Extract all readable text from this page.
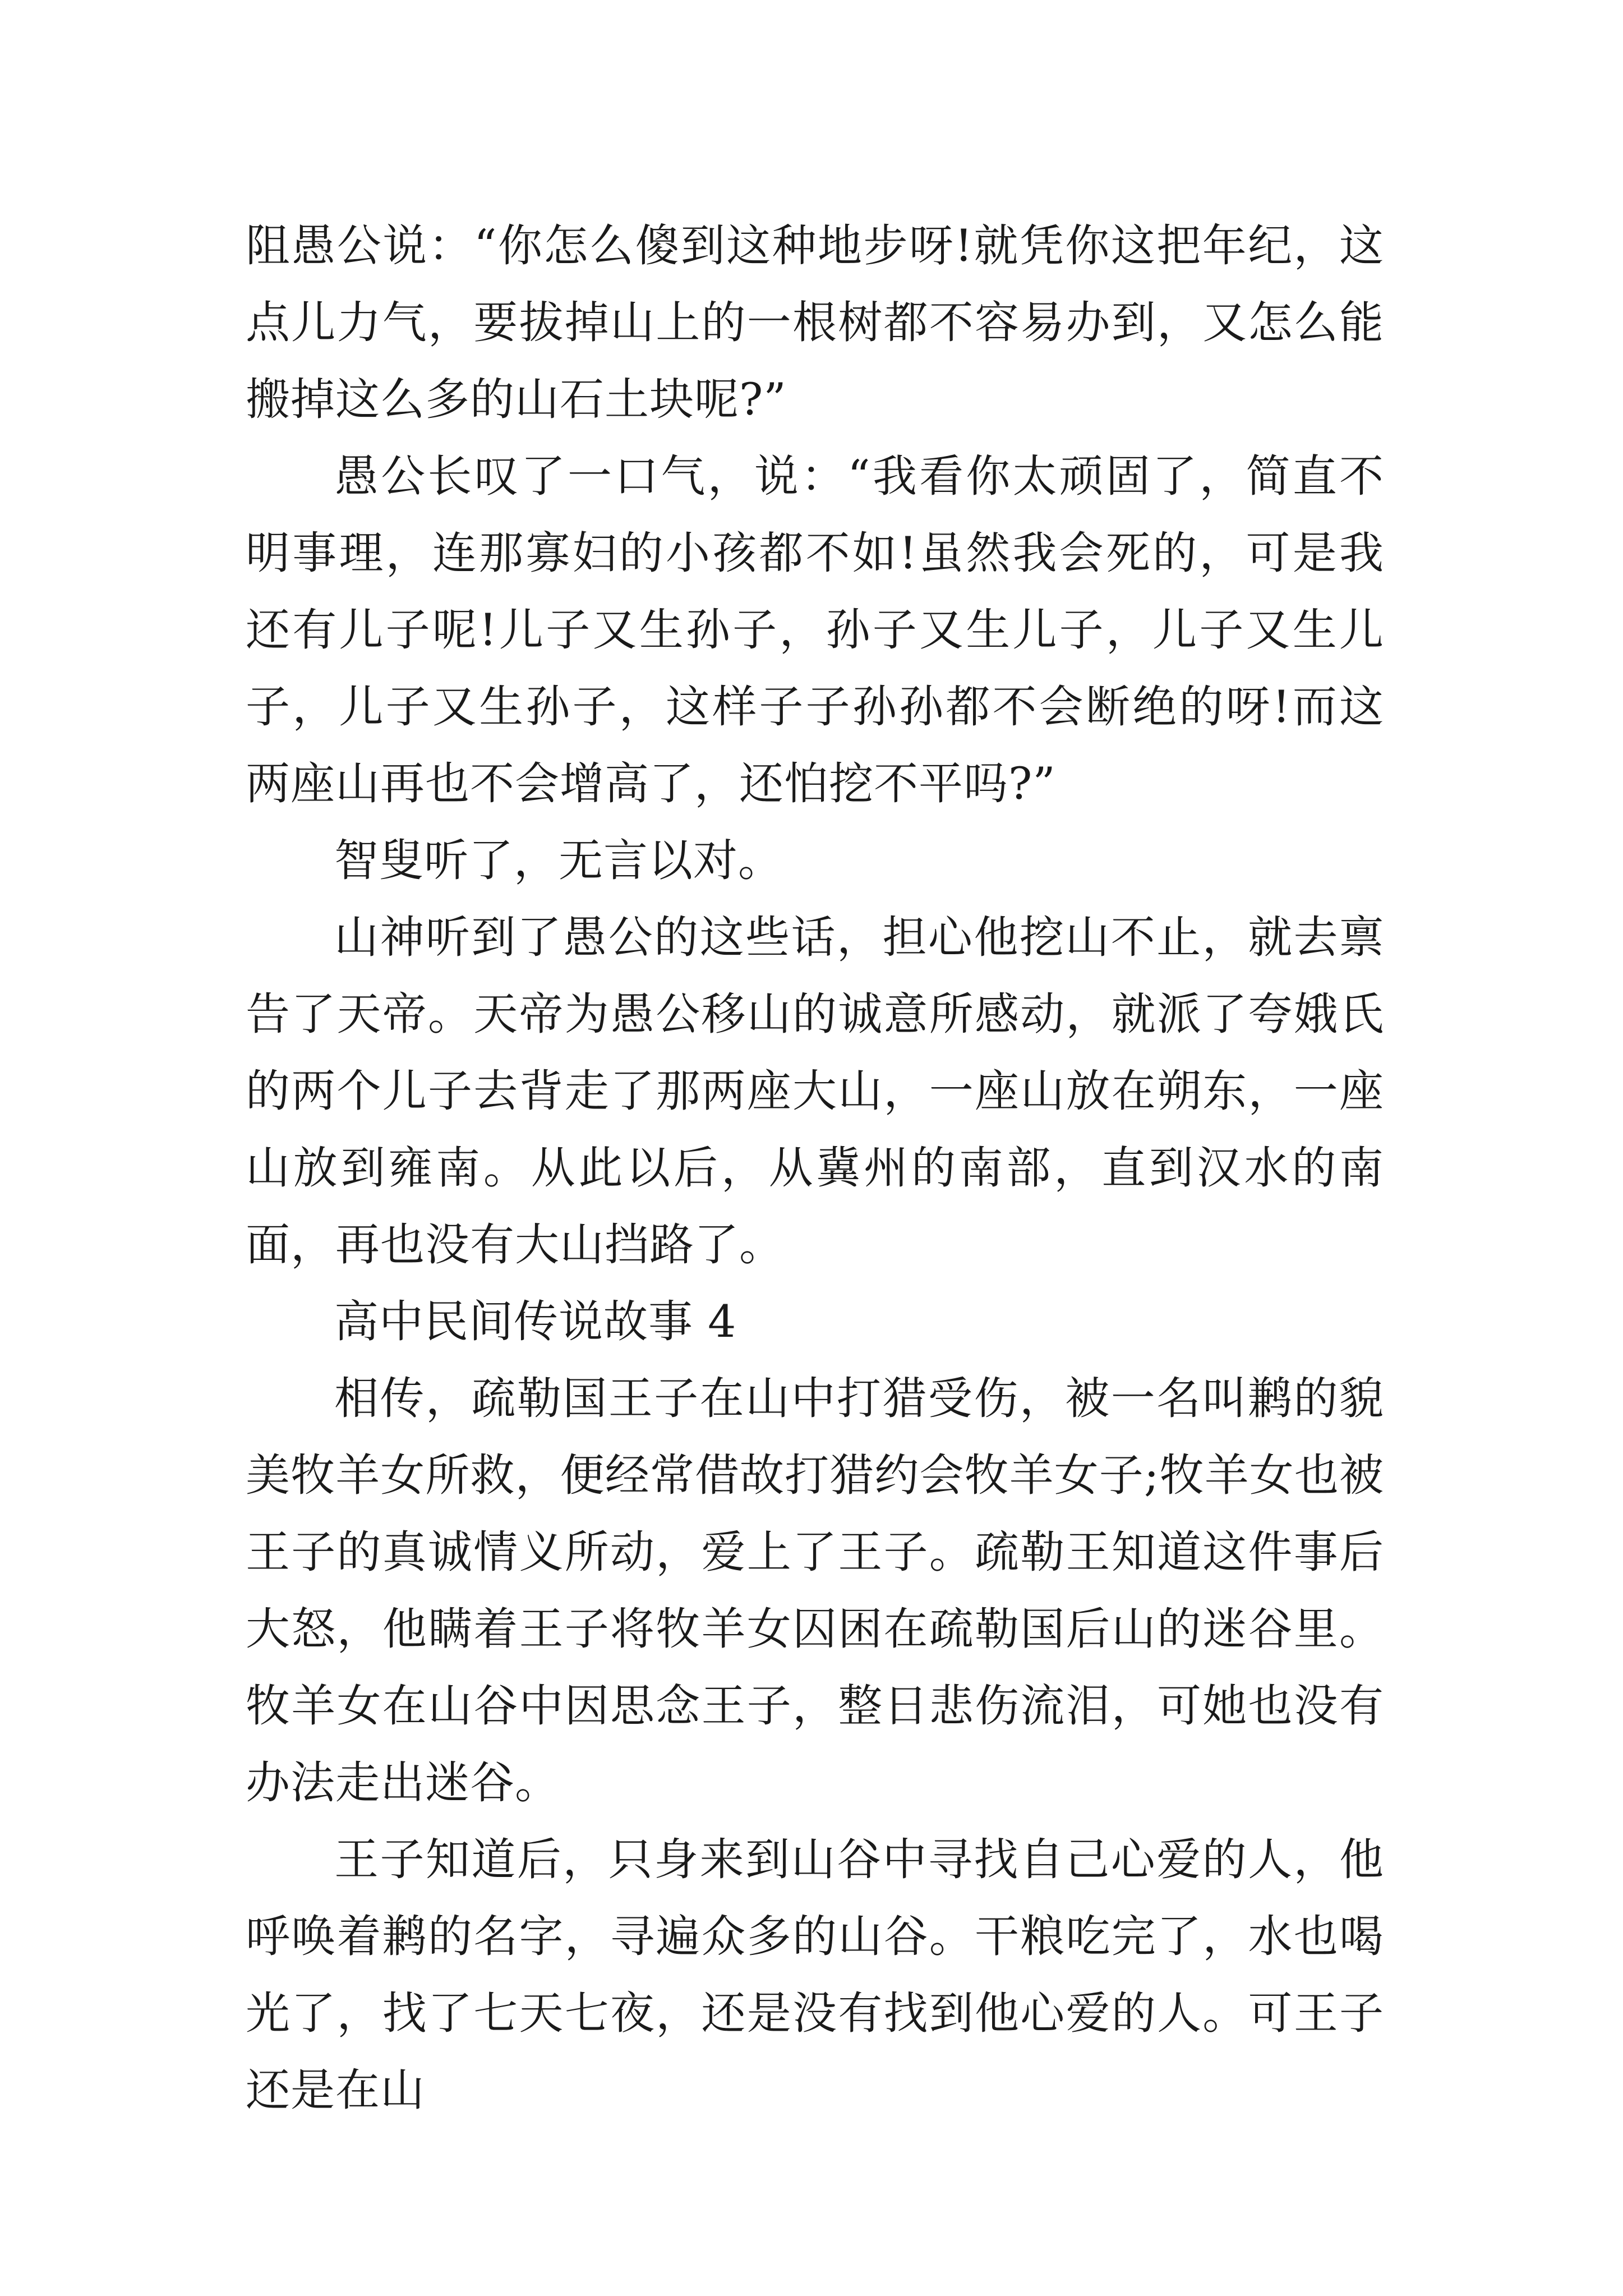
阻愚公说：“你怎么傻到这种地步呀!就凭你这把年纪，这点儿力气，要拔掉山上的一根树都不容易办到，又怎么能搬掉这么多的山石土块呢?”

愚公长叹了一口气，说：“我看你太顽固了，简直不明事理，连那寡妇的小孩都不如!虽然我会死的，可是我还有儿子呢!儿子又生孙子，孙子又生儿子，儿子又生儿子，儿子又生孙子，这样子子孙孙都不会断绝的呀!而这两座山再也不会增高了，还怕挖不平吗?”

智叟听了，无言以对。

山神听到了愚公的这些话，担心他挖山不止，就去禀告了天帝。天帝为愚公移山的诚意所感动，就派了夸娥氏的两个儿子去背走了那两座大山，一座山放在朔东，一座山放到雍南。从此以后，从冀州的南部，直到汉水的南面，再也没有大山挡路了。

高中民间传说故事 4

相传，疏勒国王子在山中打猎受伤，被一名叫鹣的貌美牧羊女所救，便经常借故打猎约会牧羊女子;牧羊女也被王子的真诚情义所动，爱上了王子。疏勒王知道这件事后大怒，他瞒着王子将牧羊女囚困在疏勒国后山的迷谷里。牧羊女在山谷中因思念王子，整日悲伤流泪，可她也没有办法走出迷谷。

王子知道后，只身来到山谷中寻找自己心爱的人，他呼唤着鹣的名字，寻遍众多的山谷。干粮吃完了，水也喝光了，找了七天七夜，还是没有找到他心爱的人。可王子还是在山
